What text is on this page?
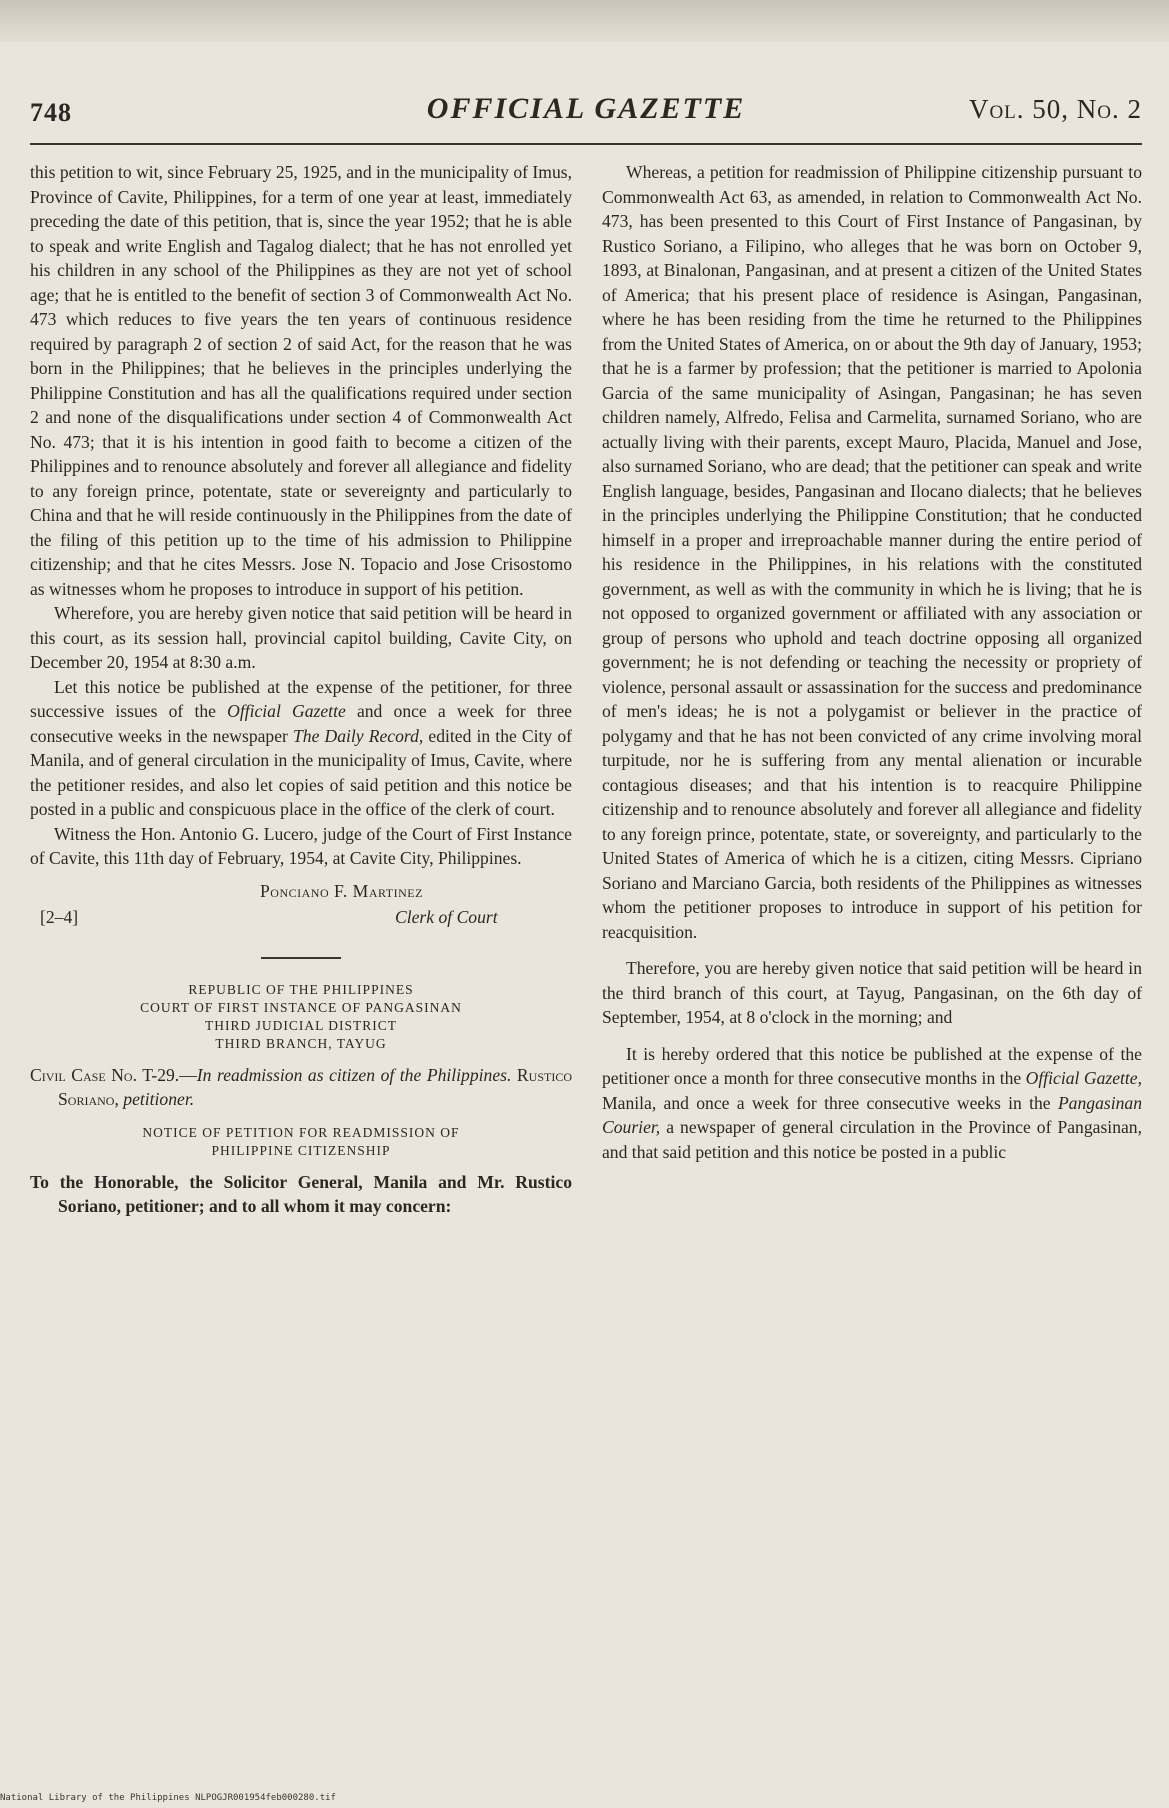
748	OFFICIAL GAZETTE	Vol. 50, No. 2

this petition to wit, since February 25, 1925, and in the municipality of Imus, Province of Cavite, Philippines, for a term of one year at least, immediately preceding the date of this petition, that is, since the year 1952; that he is able to speak and write English and Tagalog dialect; that he has not enrolled yet his children in any school of the Philippines as they are not yet of school age; that he is entitled to the benefit of section 3 of Commonwealth Act No. 473 which reduces to five years the ten years of continuous residence required by paragraph 2 of section 2 of said Act, for the reason that he was born in the Philippines; that he believes in the principles underlying the Philippine Constitution and has all the qualifications required under section 2 and none of the disqualifications under section 4 of Commonwealth Act No. 473; that it is his intention in good faith to become a citizen of the Philippines and to renounce absolutely and forever all allegiance and fidelity to any foreign prince, potentate, state or severeignty and particularly to China and that he will reside continuously in the Philippines from the date of the filing of this petition up to the time of his admission to Philippine citizenship; and that he cites Messrs. Jose N. Topacio and Jose Crisostomo as witnesses whom he proposes to introduce in support of his petition.

Wherefore, you are hereby given notice that said petition will be heard in this court, as its session hall, provincial capitol building, Cavite City, on December 20, 1954 at 8:30 a.m.

Let this notice be published at the expense of the petitioner, for three successive issues of the Official Gazette and once a week for three consecutive weeks in the newspaper The Daily Record, edited in the City of Manila, and of general circulation in the municipality of Imus, Cavite, where the petitioner resides, and also let copies of said petition and this notice be posted in a public and conspicuous place in the office of the clerk of court.

Witness the Hon. Antonio G. Lucero, judge of the Court of First Instance of Cavite, this 11th day of February, 1954, at Cavite City, Philippines.

Ponciano F. Martinez
[2–4]	Clerk of Court
REPUBLIC OF THE PHILIPPINES
COURT OF FIRST INSTANCE OF PANGASINAN
THIRD JUDICIAL DISTRICT
THIRD BRANCH, TAYUG

Civil Case No. T-29.—In readmission as citizen of the Philippines. Rustico Soriano, petitioner.

NOTICE OF PETITION FOR READMISSION OF
PHILIPPINE CITIZENSHIP

To the Honorable, the Solicitor General, Manila and Mr. Rustico Soriano, petitioner; and to all whom it may concern:

Whereas, a petition for readmission of Philippine citizenship pursuant to Commonwealth Act 63, as amended, in relation to Commonwealth Act No. 473, has been presented to this Court of First Instance of Pangasinan, by Rustico Soriano, a Filipino, who alleges that he was born on October 9, 1893, at Binalonan, Pangasinan, and at present a citizen of the United States of America; that his present place of residence is Asingan, Pangasinan, where he has been residing from the time he returned to the Philippines from the United States of America, on or about the 9th day of January, 1953; that he is a farmer by profession; that the petitioner is married to Apolonia Garcia of the same municipality of Asingan, Pangasinan; he has seven children namely, Alfredo, Felisa and Carmelita, surnamed Soriano, who are actually living with their parents, except Mauro, Placida, Manuel and Jose, also surnamed Soriano, who are dead; that the petitioner can speak and write English language, besides, Pangasinan and Ilocano dialects; that he believes in the principles underlying the Philippine Constitution; that he conducted himself in a proper and irreproachable manner during the entire period of his residence in the Philippines, in his relations with the constituted government, as well as with the community in which he is living; that he is not opposed to organized government or affiliated with any association or group of persons who uphold and teach doctrine opposing all organized government; he is not defending or teaching the necessity or propriety of violence, personal assault or assassination for the success and predominance of men's ideas; he is not a polygamist or believer in the practice of polygamy and that he has not been convicted of any crime involving moral turpitude, nor he is suffering from any mental alienation or incurable contagious diseases; and that his intention is to reacquire Philippine citizenship and to renounce absolutely and forever all allegiance and fidelity to any foreign prince, potentate, state, or sovereignty, and particularly to the United States of America of which he is a citizen, citing Messrs. Cipriano Soriano and Marciano Garcia, both residents of the Philippines as witnesses whom the petitioner proposes to introduce in support of his petition for reacquisition.

Therefore, you are hereby given notice that said petition will be heard in the third branch of this court, at Tayug, Pangasinan, on the 6th day of September, 1954, at 8 o'clock in the morning; and

It is hereby ordered that this notice be published at the expense of the petitioner once a month for three consecutive months in the Official Gazette, Manila, and once a week for three consecutive weeks in the Pangasinan Courier, a newspaper of general circulation in the Province of Pangasinan, and that said petition and this notice be posted in a public

National Library of the Philippines NLPOGJR001954feb000280.tif
